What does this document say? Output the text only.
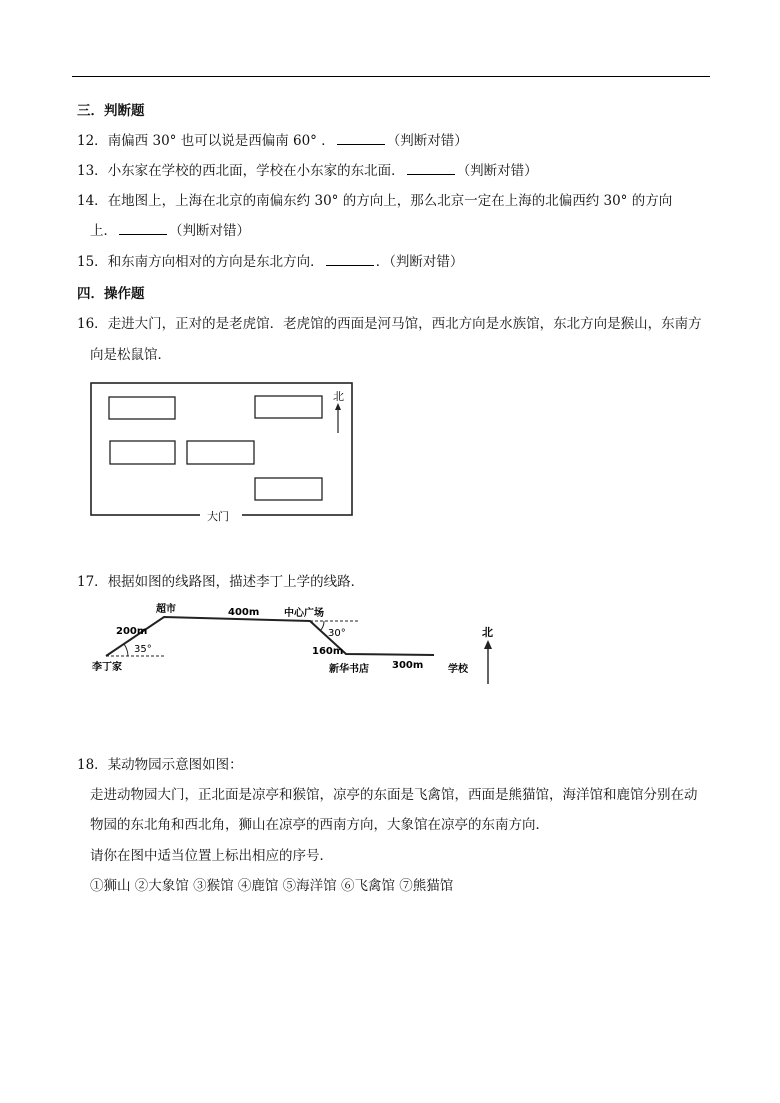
三．判断题
12．南偏西 30° 也可以说是西偏南 60° ．	（判断对错）
13．小东家在学校的西北面，学校在小东家的东北面．	（判断对错）
14．在地图上，上海在北京的南偏东约 30° 的方向上，那么北京一定在上海的北偏西约 30° 的方向
上．	（判断对错）
15．和东南方向相对的方向是东北方向．	．（判断对错）
四．操作题
16．走进大门，正对的是老虎馆．老虎馆的西面是河马馆，西北方向是水族馆，东北方向是猴山，东南方
向是松鼠馆．
北
大门
17．根据如图的线路图，描述李丁上学的线路．
李丁家
超市	中心广场
新华书店	学校
200m
400m
160m
300m
35°
30°	北
18．某动物园示意图如图：
走进动物园大门，正北面是凉亭和猴馆，凉亭的东面是飞禽馆，西面是熊猫馆，海洋馆和鹿馆分别在动
物园的东北角和西北角，狮山在凉亭的西南方向，大象馆在凉亭的东南方向．
请你在图中适当位置上标出相应的序号．
①狮山 ②大象馆 ③猴馆 ④鹿馆 ⑤海洋馆 ⑥飞禽馆 ⑦熊猫馆
